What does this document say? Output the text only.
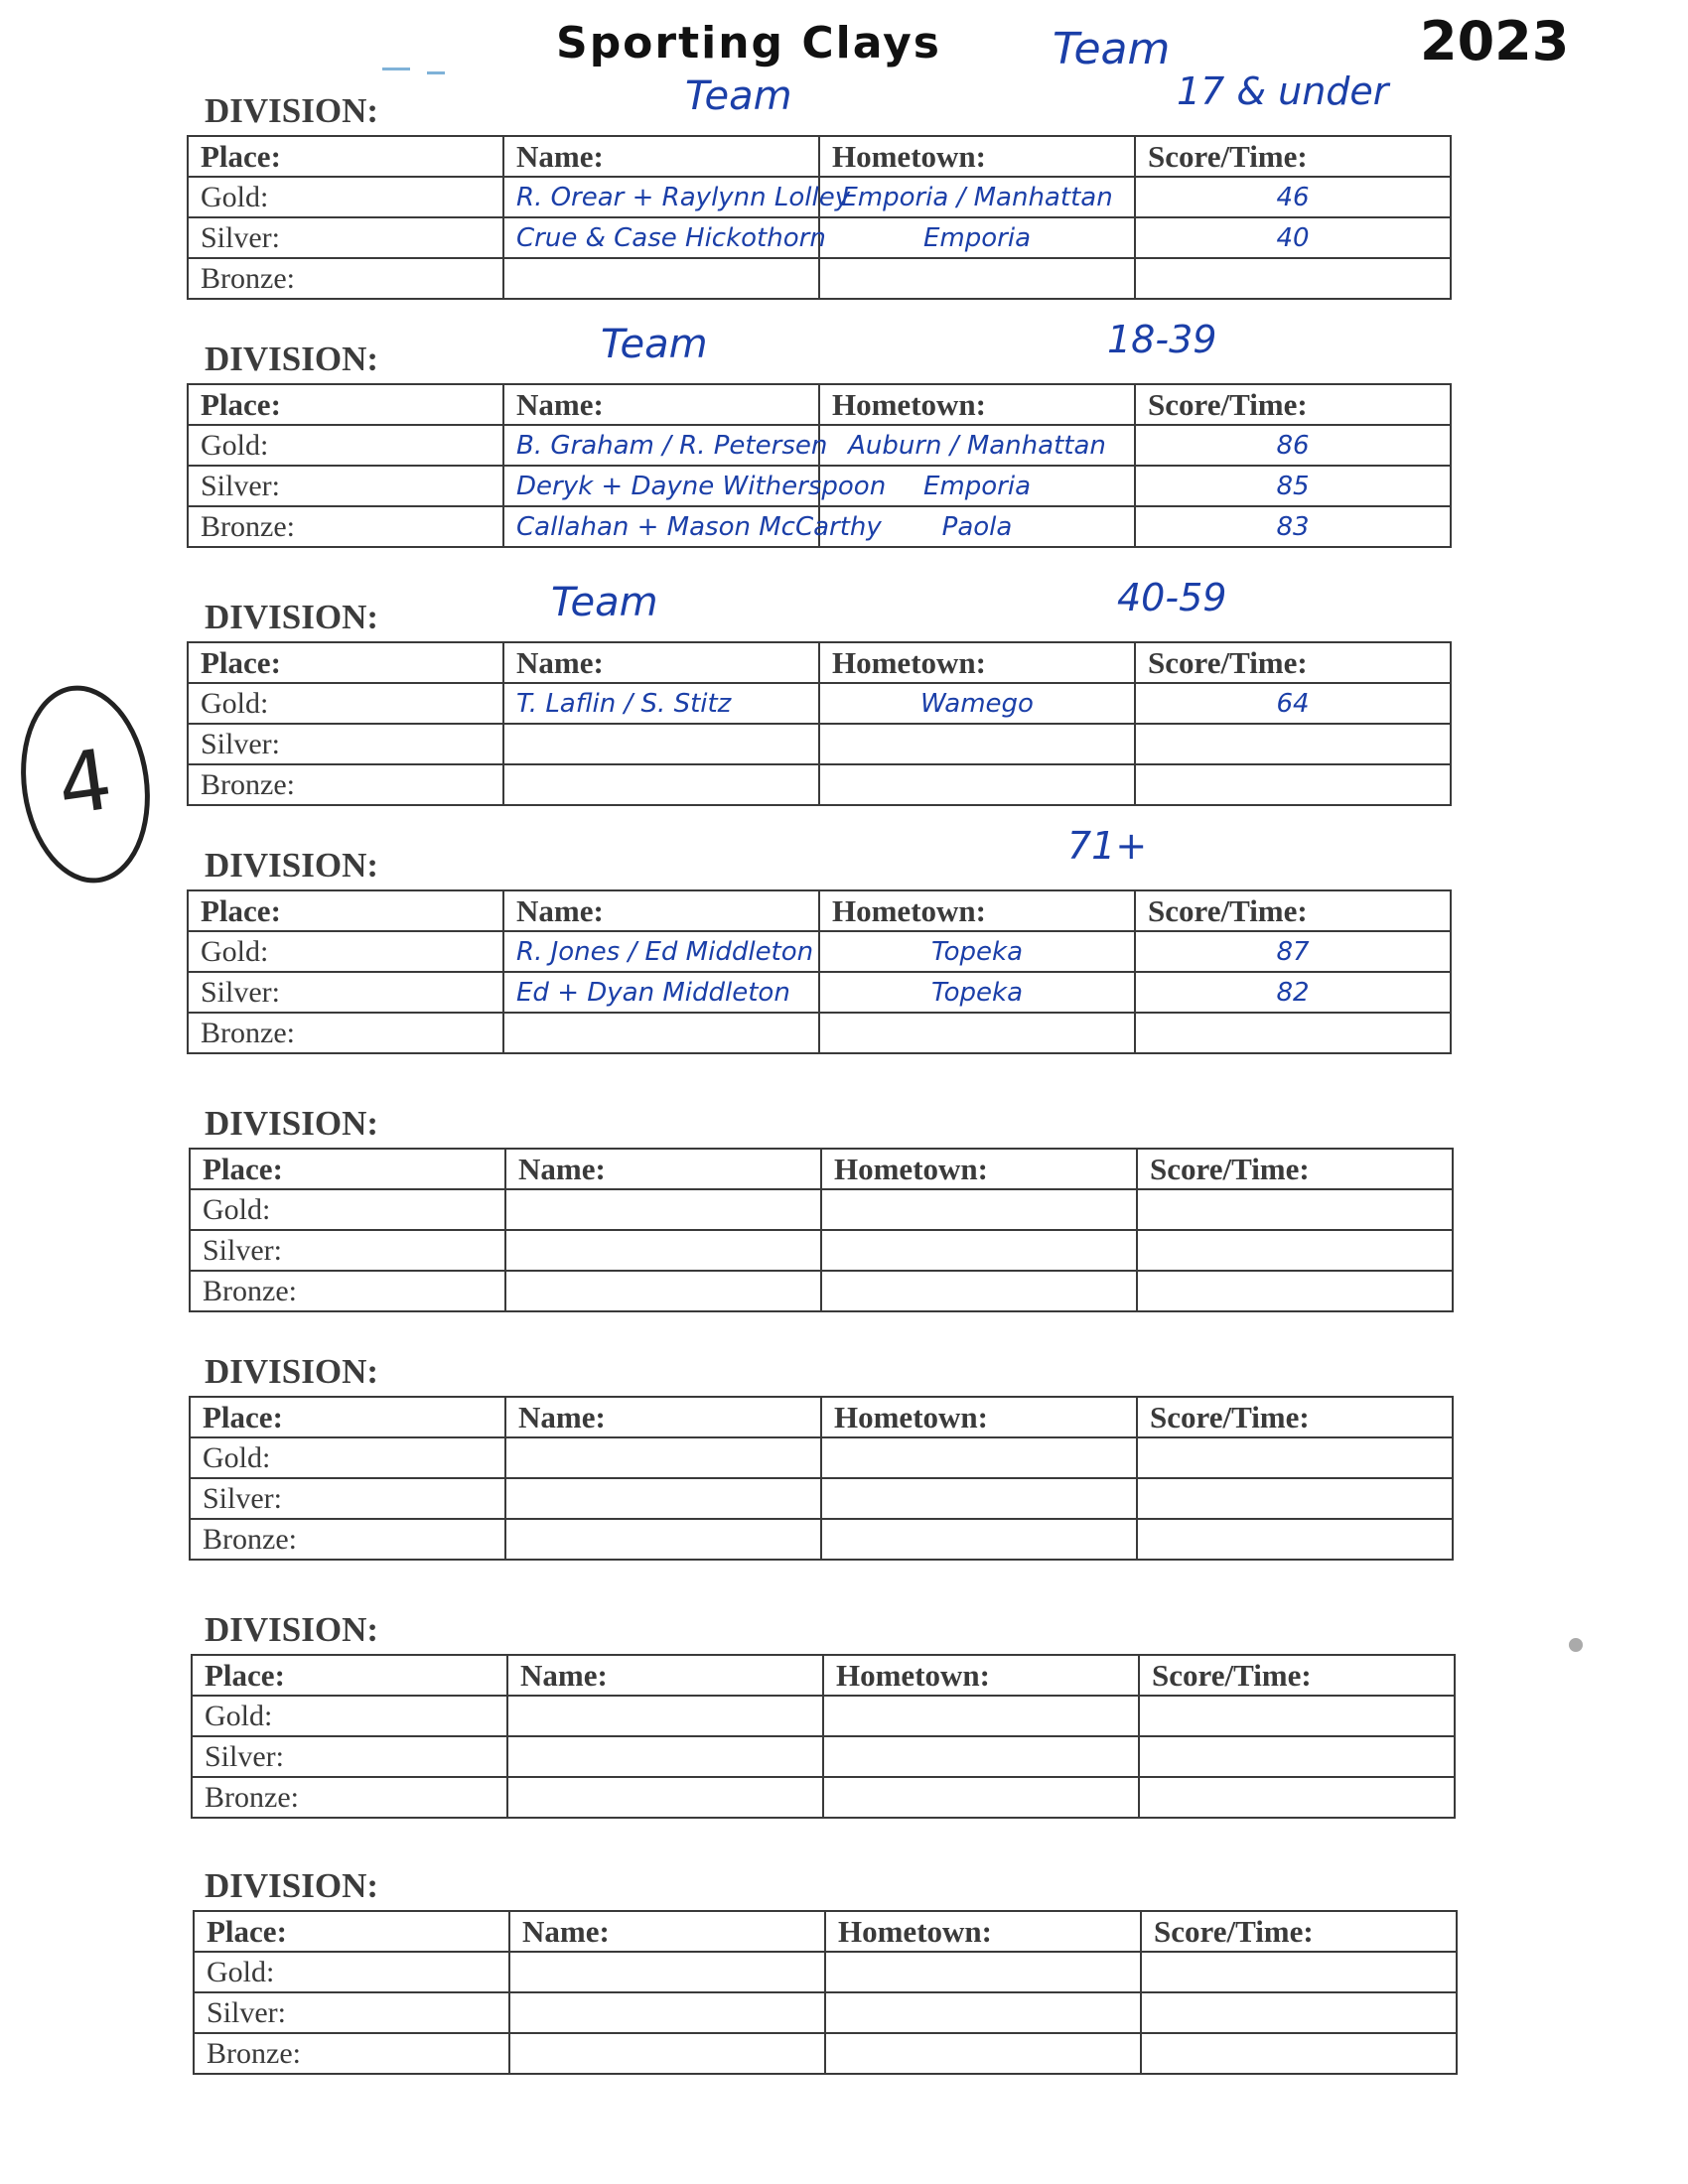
Sporting Clays	Team	2023
4
DIVISION:	Team	17 & under
Place:	Name:	Hometown:	Score/Time:
Gold:	R. Orear + Raylynn Lolley	Emporia / Manhattan	46
Silver:	Crue & Case Hickothorn	Emporia	40
Bronze:			
DIVISION:	Team	18-39
Place:	Name:	Hometown:	Score/Time:
Gold:	B. Graham / R. Petersen	Auburn / Manhattan	86
Silver:	Deryk + Dayne Witherspoon	Emporia	85
Bronze:	Callahan + Mason McCarthy	Paola	83
DIVISION:	Team	40-59
Place:	Name:	Hometown:	Score/Time:
Gold:	T. Laflin / S. Stitz	Wamego	64
Silver:			
Bronze:			
DIVISION:	71+
Place:	Name:	Hometown:	Score/Time:
Gold:	R. Jones / Ed Middleton	Topeka	87
Silver:	Ed + Dyan Middleton	Topeka	82
Bronze:			
DIVISION:
Place:	Name:	Hometown:	Score/Time:
Gold:			
Silver:			
Bronze:			
DIVISION:
Place:	Name:	Hometown:	Score/Time:
Gold:			
Silver:			
Bronze:			
DIVISION:
Place:	Name:	Hometown:	Score/Time:
Gold:			
Silver:			
Bronze:			
DIVISION:
Place:	Name:	Hometown:	Score/Time:
Gold:			
Silver:			
Bronze:			
